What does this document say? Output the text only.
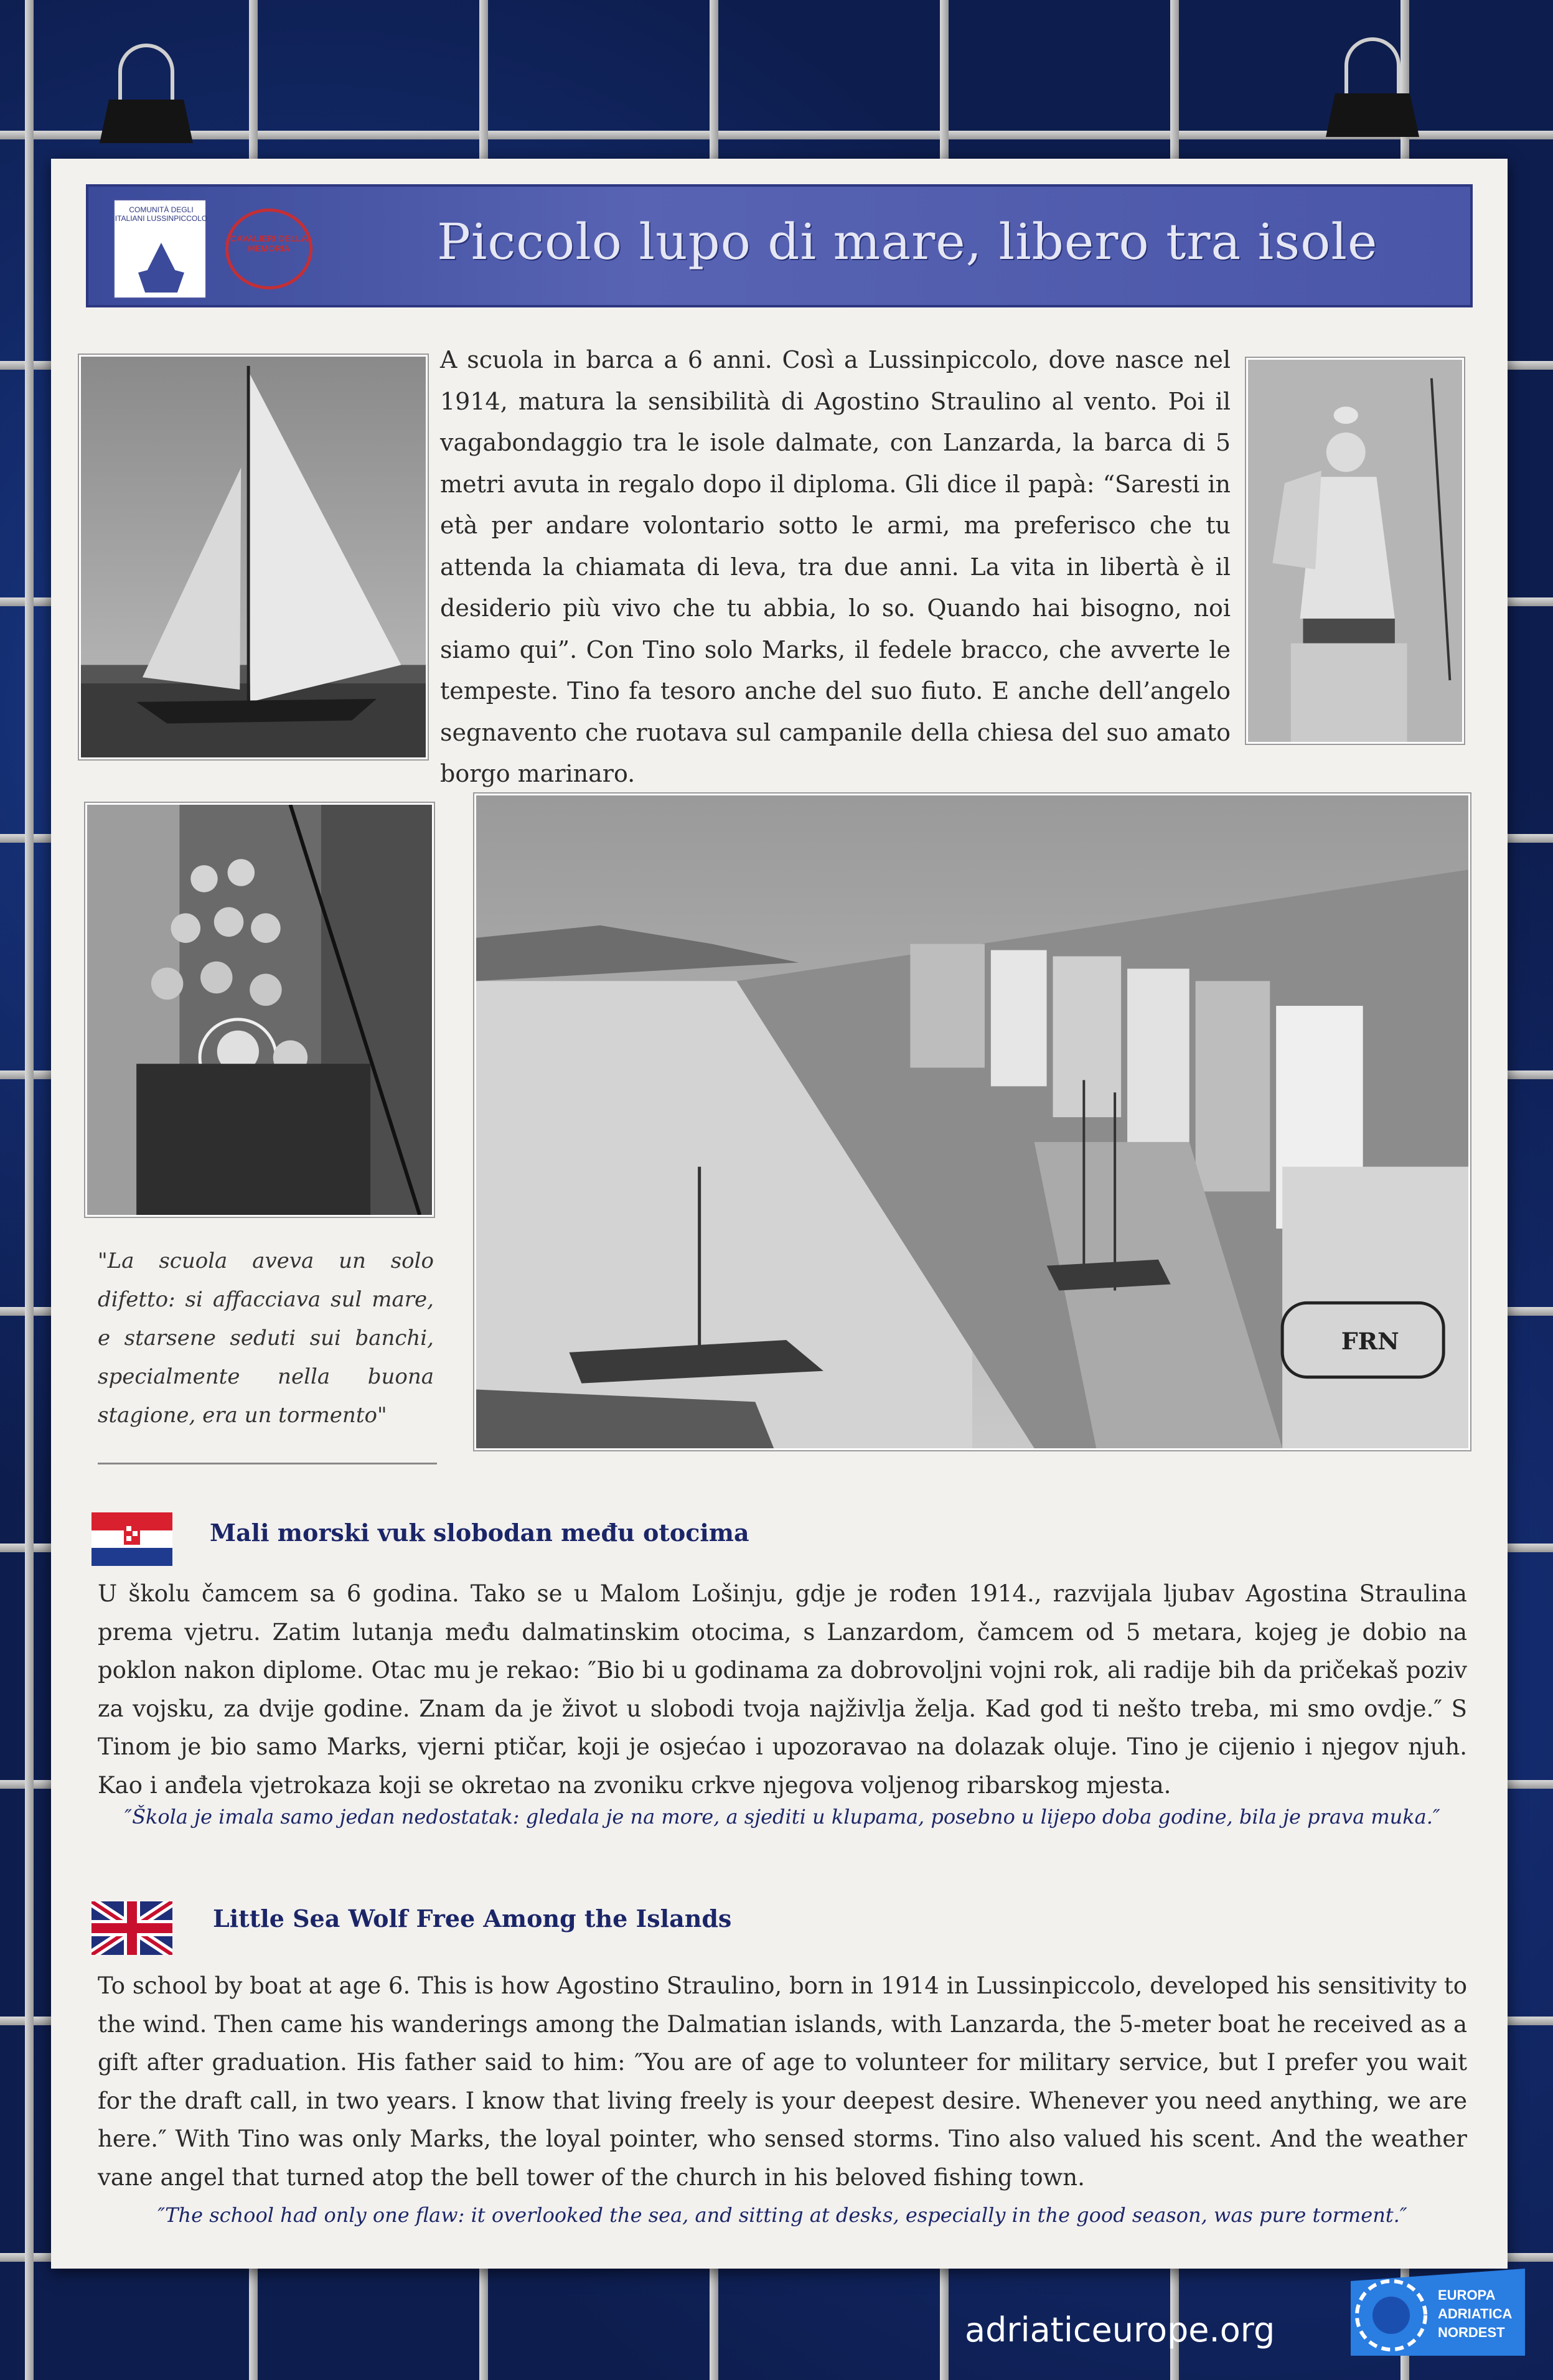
COMUNITÀ DEGLI ITALIANI LUSSINPICCOLO
CAVALIERI DELLA MEMORIA	Piccolo lupo di mare, libero tra isole
A scuola in barca a 6 anni. Così a Lussinpiccolo, dove nasce nel 1914, matura la sensibilità di Agostino Straulino al vento. Poi il vagabondaggio tra le isole dalmate, con Lanzarda, la barca di 5 metri avuta in regalo dopo il diploma. Gli dice il papà: “Saresti in età per andare volontario sotto le armi, ma preferisco che tu attenda la chiamata di leva, tra due anni. La vita in libertà è il desiderio più vivo che tu abbia, lo so. Quando hai bisogno, noi siamo qui”. Con Tino solo Marks, il fedele bracco, che avverte le tempeste. Tino fa tesoro anche del suo fiuto. E anche dell’angelo segnavento che ruotava sul campanile della chiesa del suo amato borgo marinaro.
"La scuola aveva un solo difetto: si affacciava sul mare, e starsene seduti sui banchi, specialmente nella buona stagione, era un tormento"
FRN
Mali morski vuk slobodan među otocima
U školu čamcem sa 6 godina. Tako se u Malom Lošinju, gdje je rođen 1914., razvijala ljubav Agostina Straulina prema vjetru. Zatim lutanja među dalmatinskim otocima, s Lanzardom, čamcem od 5 metara, kojeg je dobio na poklon nakon diplome. Otac mu je rekao: ″Bio bi u godinama za dobrovoljni vojni rok, ali radije bih da pričekaš poziv za vojsku, za dvije godine. Znam da je život u slobodi tvoja najživlja želja. Kad god ti nešto treba, mi smo ovdje.″ S Tinom je bio samo Marks, vjerni ptičar, koji je osjećao i upozoravao na dolazak oluje. Tino je cijenio i njegov njuh. Kao i anđela vjetrokaza koji se okretao na zvoniku crkve njegova voljenog ribarskog mjesta.
″Škola je imala samo jedan nedostatak: gledala je na more, a sjediti u klupama, posebno u lijepo doba godine, bila je prava muka.″
Little Sea Wolf Free Among the Islands
To school by boat at age 6. This is how Agostino Straulino, born in 1914 in Lussinpiccolo, developed his sensitivity to the wind. Then came his wanderings among the Dalmatian islands, with Lanzarda, the 5-meter boat he received as a gift after graduation. His father said to him: ″You are of age to volunteer for military service, but I prefer you wait for the draft call, in two years. I know that living freely is your deepest desire. Whenever you need anything, we are here.″ With Tino was only Marks, the loyal pointer, who sensed storms. Tino also valued his scent. And the weather vane angel that turned atop the bell tower of the church in his beloved fishing town.
″The school had only one flaw: it overlooked the sea, and sitting at desks, especially in the good season, was pure torment.″
adriaticeurope.org
EUROPA
ADRIATICA
NORDEST
